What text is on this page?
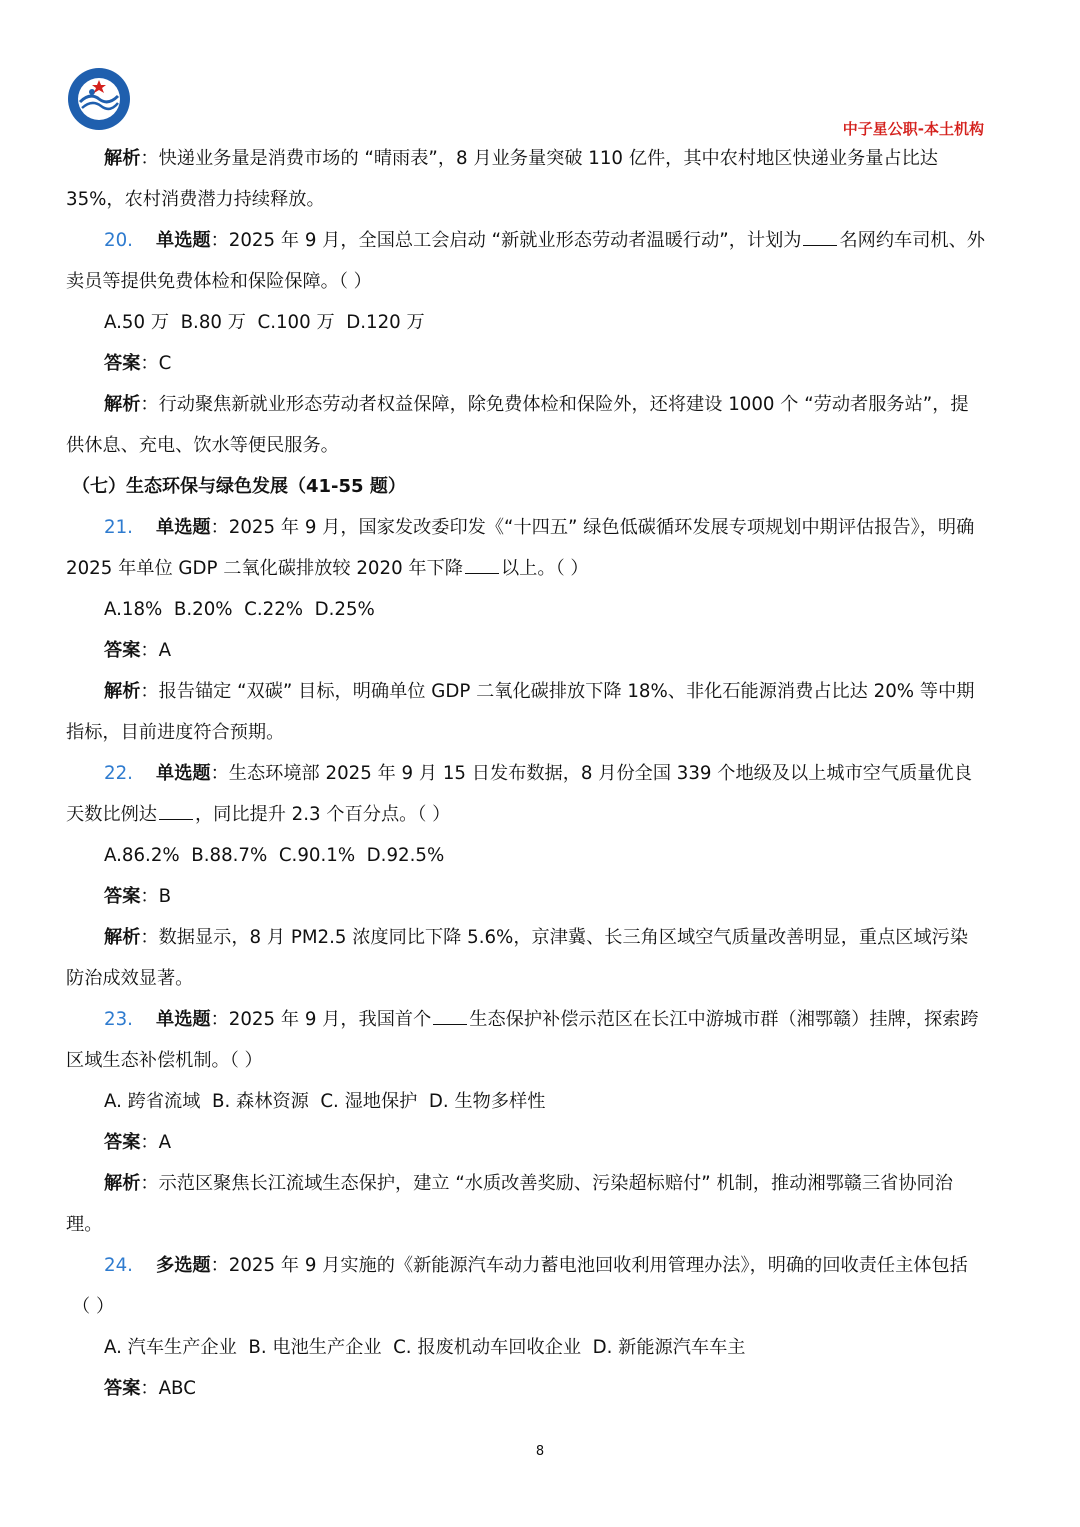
中子星公职-本土机构

解析：快递业务量是消费市场的 “晴雨表”，8 月业务量突破 110 亿件，其中农村地区快递业务量占比达

35%，农村消费潜力持续释放。

20. 单选题：2025 年 9 月，全国总工会启动 “新就业形态劳动者温暖行动”，计划为 名网约车司机、外

卖员等提供免费体检和保险保障。（ ）

A.50 万  B.80 万  C.100 万  D.120 万

答案：C

解析：行动聚焦新就业形态劳动者权益保障，除免费体检和保险外，还将建设 1000 个 “劳动者服务站”，提

供休息、充电、饮水等便民服务。

（七）生态环保与绿色发展（41-55 题）

21. 单选题：2025 年 9 月，国家发改委印发《“十四五” 绿色低碳循环发展专项规划中期评估报告》，明确

2025 年单位 GDP 二氧化碳排放较 2020 年下降 以上。（ ）

A.18%  B.20%  C.22%  D.25%

答案：A

解析：报告锚定 “双碳” 目标，明确单位 GDP 二氧化碳排放下降 18%、非化石能源消费占比达 20% 等中期

指标，目前进度符合预期。

22. 单选题：生态环境部 2025 年 9 月 15 日发布数据，8 月份全国 339 个地级及以上城市空气质量优良

天数比例达 ，同比提升 2.3 个百分点。（ ）

A.86.2%  B.88.7%  C.90.1%  D.92.5%

答案：B

解析：数据显示，8 月 PM2.5 浓度同比下降 5.6%，京津冀、长三角区域空气质量改善明显，重点区域污染

防治成效显著。

23. 单选题：2025 年 9 月，我国首个 生态保护补偿示范区在长江中游城市群（湘鄂赣）挂牌，探索跨

区域生态补偿机制。（ ）

A. 跨省流域  B. 森林资源  C. 湿地保护  D. 生物多样性

答案：A

解析：示范区聚焦长江流域生态保护，建立 “水质改善奖励、污染超标赔付” 机制，推动湘鄂赣三省协同治

理。

24. 多选题：2025 年 9 月实施的《新能源汽车动力蓄电池回收利用管理办法》，明确的回收责任主体包括

（ ）

A. 汽车生产企业  B. 电池生产企业  C. 报废机动车回收企业  D. 新能源汽车车主

答案：ABC

8
